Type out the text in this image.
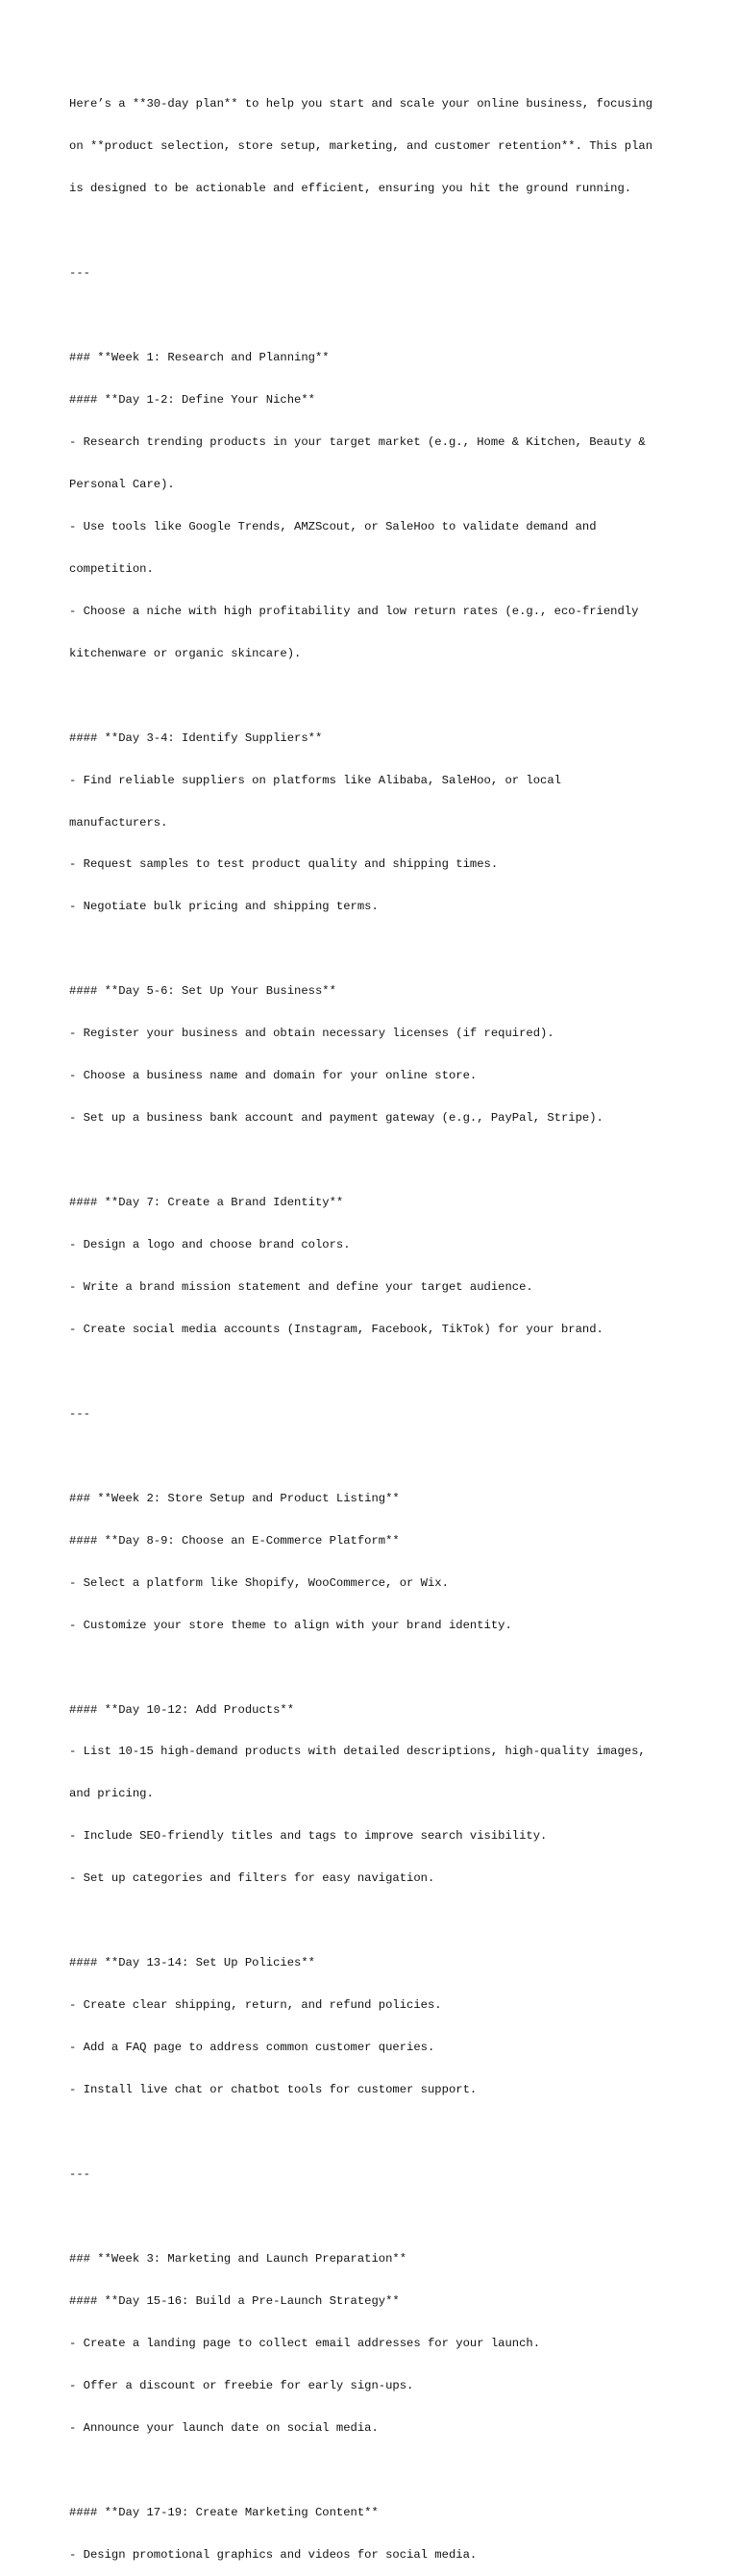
Here’s a **30-day plan** to help you start and scale your online business, focusing

on **product selection, store setup, marketing, and customer retention**. This plan

is designed to be actionable and efficient, ensuring you hit the ground running.

---

### **Week 1: Research and Planning**

#### **Day 1-2: Define Your Niche**

- Research trending products in your target market (e.g., Home & Kitchen, Beauty &

Personal Care).

- Use tools like Google Trends, AMZScout, or SaleHoo to validate demand and

competition.

- Choose a niche with high profitability and low return rates (e.g., eco-friendly

kitchenware or organic skincare).

#### **Day 3-4: Identify Suppliers**

- Find reliable suppliers on platforms like Alibaba, SaleHoo, or local

manufacturers.

- Request samples to test product quality and shipping times.

- Negotiate bulk pricing and shipping terms.

#### **Day 5-6: Set Up Your Business**

- Register your business and obtain necessary licenses (if required).

- Choose a business name and domain for your online store.

- Set up a business bank account and payment gateway (e.g., PayPal, Stripe).

#### **Day 7: Create a Brand Identity**

- Design a logo and choose brand colors.

- Write a brand mission statement and define your target audience.

- Create social media accounts (Instagram, Facebook, TikTok) for your brand.

---

### **Week 2: Store Setup and Product Listing**

#### **Day 8-9: Choose an E-Commerce Platform**

- Select a platform like Shopify, WooCommerce, or Wix.

- Customize your store theme to align with your brand identity.

#### **Day 10-12: Add Products**

- List 10-15 high-demand products with detailed descriptions, high-quality images,

and pricing.

- Include SEO-friendly titles and tags to improve search visibility.

- Set up categories and filters for easy navigation.

#### **Day 13-14: Set Up Policies**

- Create clear shipping, return, and refund policies.

- Add a FAQ page to address common customer queries.

- Install live chat or chatbot tools for customer support.

---

### **Week 3: Marketing and Launch Preparation**

#### **Day 15-16: Build a Pre-Launch Strategy**

- Create a landing page to collect email addresses for your launch.

- Offer a discount or freebie for early sign-ups.

- Announce your launch date on social media.

#### **Day 17-19: Create Marketing Content**

- Design promotional graphics and videos for social media.
